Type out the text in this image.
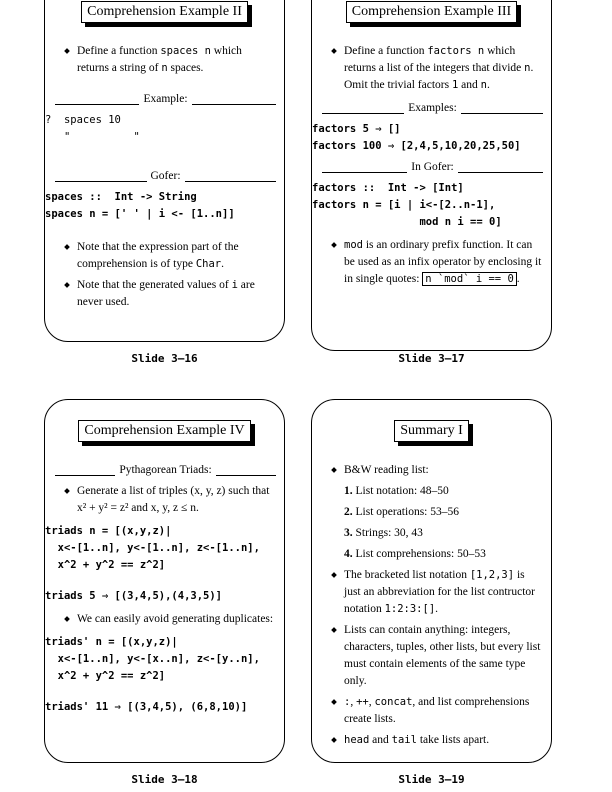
Comprehension Example II
Define a function spaces n which returns a string of n spaces.
Example:
?  spaces 10
"          "
Gofer:
spaces ::  Int -> String
spaces n = [' ' | i <- [1..n]]
Note that the expression part of the comprehension is of type Char.
Note that the generated values of i are never used.
Slide 3–16
Comprehension Example III
Define a function factors n which returns a list of the integers that divide n. Omit the trivial factors 1 and n.
Examples:
factors 5 ⇒ []
factors 100 ⇒ [2,4,5,10,20,25,50]
In Gofer:
factors ::  Int -> [Int]
factors n = [i | i<-[2..n-1],
mod n i == 0]
mod is an ordinary prefix function. It can be used as an infix operator by enclosing it in single quotes: n `mod` i == 0 .
Slide 3–17
Comprehension Example IV
Pythagorean Triads:
Generate a list of triples (x, y, z) such that x² + y² = z² and x, y, z ≤ n.
triads n = [(x,y,z)|
x<-[1..n], y<-[1..n], z<-[1..n],
x^2 + y^2 == z^2]
triads 5 ⇒ [(3,4,5),(4,3,5)]
We can easily avoid generating duplicates:
triads' n = [(x,y,z)|
x<-[1..n], y<-[x..n], z<-[y..n],
x^2 + y^2 == z^2]
triads' 11 ⇒ [(3,4,5), (6,8,10)]
Slide 3–18
Summary I
B&W reading list:
1. List notation: 48–50
2. List operations: 53–56
3. Strings: 30, 43
4. List comprehensions: 50–53
The bracketed list notation [1,2,3] is just an abbreviation for the list contructor notation 1:2:3:[].
Lists can contain anything: integers, characters, tuples, other lists, but every list must contain elements of the same type only.
:, ++, concat, and list comprehensions create lists.
head and tail take lists apart.
Slide 3–19
